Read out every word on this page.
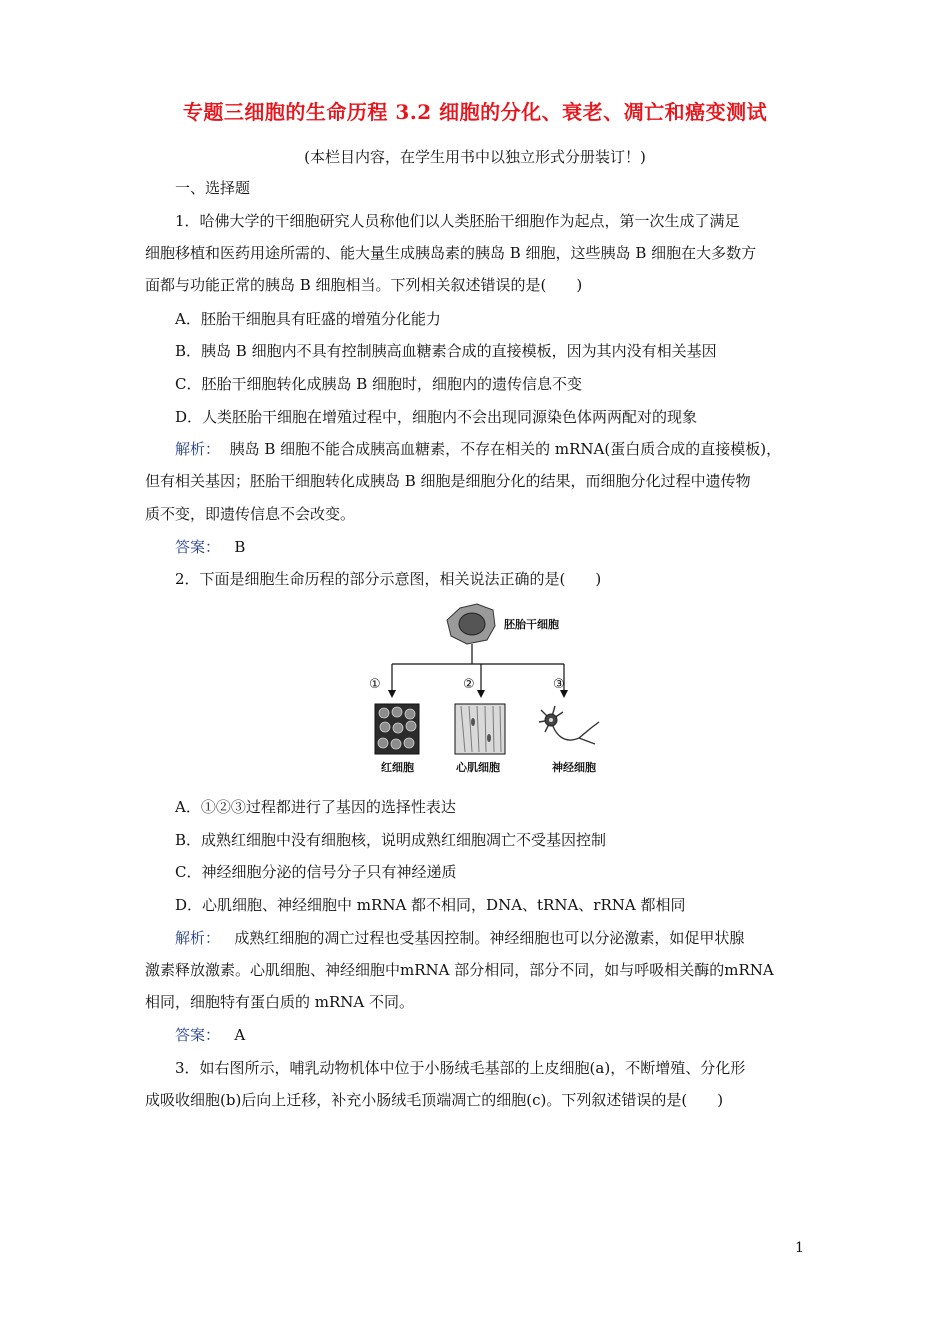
专题三细胞的生命历程 3.2 细胞的分化、衰老、凋亡和癌变测试
(本栏目内容，在学生用书中以独立形式分册装订！)
一、选择题
1．哈佛大学的干细胞研究人员称他们以人类胚胎干细胞作为起点，第一次生成了满足
细胞移植和医药用途所需的、能大量生成胰岛素的胰岛 B 细胞，这些胰岛 B 细胞在大多数方
面都与功能正常的胰岛 B 细胞相当。下列相关叙述错误的是(　　)
A．胚胎干细胞具有旺盛的增殖分化能力
B．胰岛 B 细胞内不具有控制胰高血糖素合成的直接模板，因为其内没有相关基因
C．胚胎干细胞转化成胰岛 B 细胞时，细胞内的遗传信息不变
D．人类胚胎干细胞在增殖过程中，细胞内不会出现同源染色体两两配对的现象
解析： 胰岛 B 细胞不能合成胰高血糖素，不存在相关的 mRNA(蛋白质合成的直接模板)，
但有相关基因；胚胎干细胞转化成胰岛 B 细胞是细胞分化的结果，而细胞分化过程中遗传物
质不变，即遗传信息不会改变。
答案： B
2．下面是细胞生命历程的部分示意图，相关说法正确的是(　　)
胚胎干细胞
①	②	③
红细胞	心肌细胞	神经细胞
A．①②③过程都进行了基因的选择性表达
B．成熟红细胞中没有细胞核，说明成熟红细胞凋亡不受基因控制
C．神经细胞分泌的信号分子只有神经递质
D．心肌细胞、神经细胞中 mRNA 都不相同，DNA、tRNA、rRNA 都相同
解析： 成熟红细胞的凋亡过程也受基因控制。神经细胞也可以分泌激素，如促甲状腺
激素释放激素。心肌细胞、神经细胞中mRNA 部分相同，部分不同，如与呼吸相关酶的mRNA
相同，细胞特有蛋白质的 mRNA 不同。
答案： A
3．如右图所示，哺乳动物机体中位于小肠绒毛基部的上皮细胞(a)，不断增殖、分化形
成吸收细胞(b)后向上迁移，补充小肠绒毛顶端凋亡的细胞(c)。下列叙述错误的是(　　)
1
